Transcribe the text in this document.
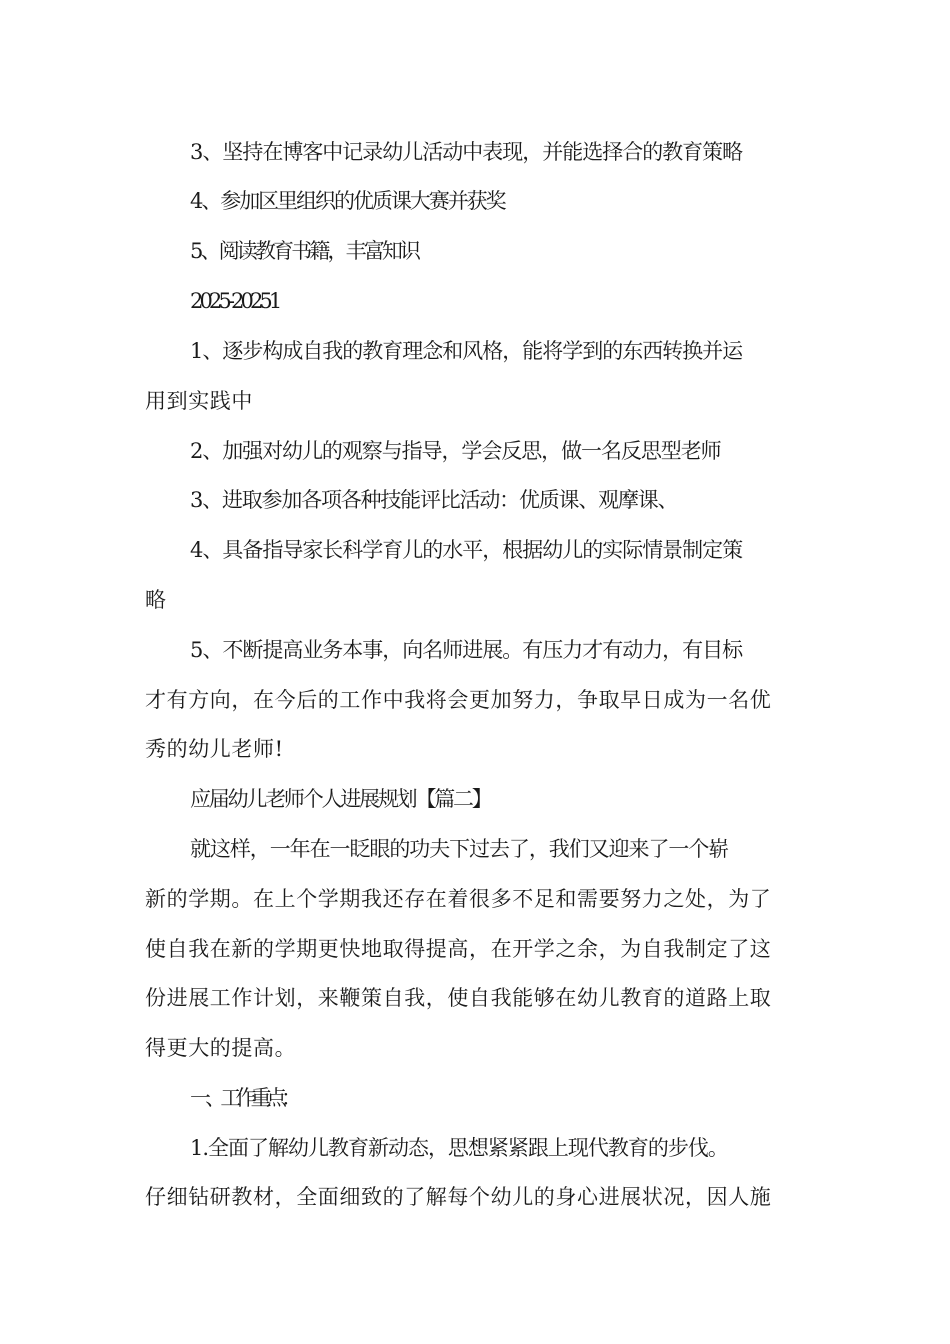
3、坚持在博客中记录幼儿活动中表现，并能选择合的教育策略
4、参加区里组织的优质课大赛并获奖
5、阅读教育书籍，丰富知识
2025-20251
1、逐步构成自我的教育理念和风格，能将学到的东西转换并运
用到实践中
2、加强对幼儿的观察与指导，学会反思，做一名反思型老师
3、进取参加各项各种技能评比活动：优质课、观摩课、
4、具备指导家长科学育儿的水平，根据幼儿的实际情景制定策
略
5、不断提高业务本事，向名师进展。有压力才有动力，有目标
才有方向，在今后的工作中我将会更加努力，争取早日成为一名优
秀的幼儿老师!
应届幼儿老师个人进展规划【篇二】
就这样，一年在一眨眼的功夫下过去了，我们又迎来了一个崭
新的学期。在上个学期我还存在着很多不足和需要努力之处，为了
使自我在新的学期更快地取得提高，在开学之余，为自我制定了这
份进展工作计划，来鞭策自我，使自我能够在幼儿教育的道路上取
得更大的提高。
一、工作重点：
1.全面了解幼儿教育新动态，思想紧紧跟上现代教育的步伐。
仔细钻研教材，全面细致的了解每个幼儿的身心进展状况，因人施
